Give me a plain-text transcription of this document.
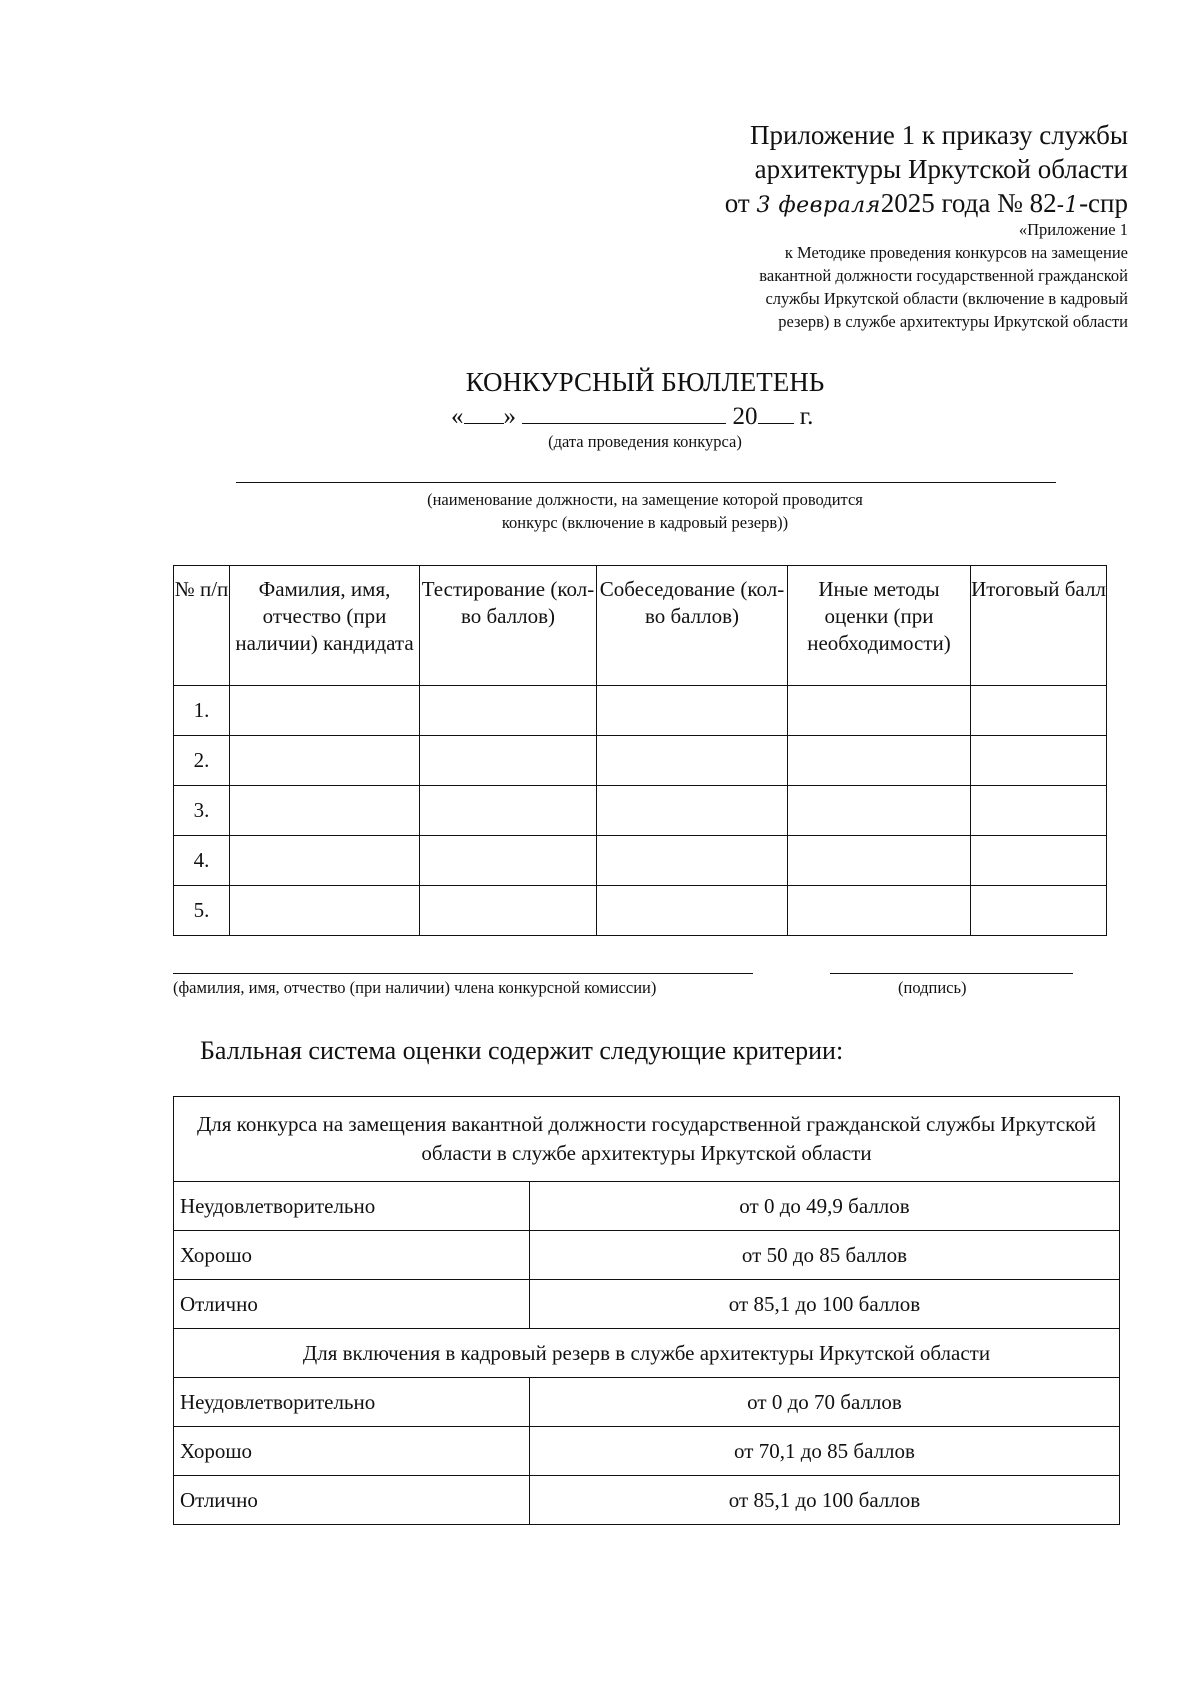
Приложение 1 к приказу службы
архитектуры Иркутской области
от 3 февраля2025 года № 82-1-спр
«Приложение 1
к Методике проведения конкурсов на замещение
вакантной должности государственной гражданской
службы Иркутской области (включение в кадровый
резерв) в службе архитектуры Иркутской области
КОНКУРСНЫЙ БЮЛЛЕТЕНЬ
« »	20 г.
(дата проведения конкурса)
(наименование должности, на замещение которой проводится
конкурс (включение в кадровый резерв))
№ п/п	Фамилия, имя, отчество (при наличии) кандидата	Тестирование (кол-во баллов)	Собеседование (кол-во баллов)	Иные методы оценки (при необходимости)	Итоговый балл
1.					
2.					
3.					
4.					
5.					
(фамилия, имя, отчество (при наличии) члена конкурсной комиссии)	(подпись)
Балльная система оценки содержит следующие критерии:
Для конкурса на замещения вакантной должности государственной гражданской службы Иркутской области в службе архитектуры Иркутской области	
Неудовлетворительно	от 0 до 49,9 баллов
Хорошо	от 50 до 85 баллов
Отлично	от 85,1 до 100 баллов
Для включения в кадровый резерв в службе архитектуры Иркутской области	
Неудовлетворительно	от 0 до 70 баллов
Хорошо	от 70,1 до 85 баллов
Отлично	от 85,1 до 100 баллов
